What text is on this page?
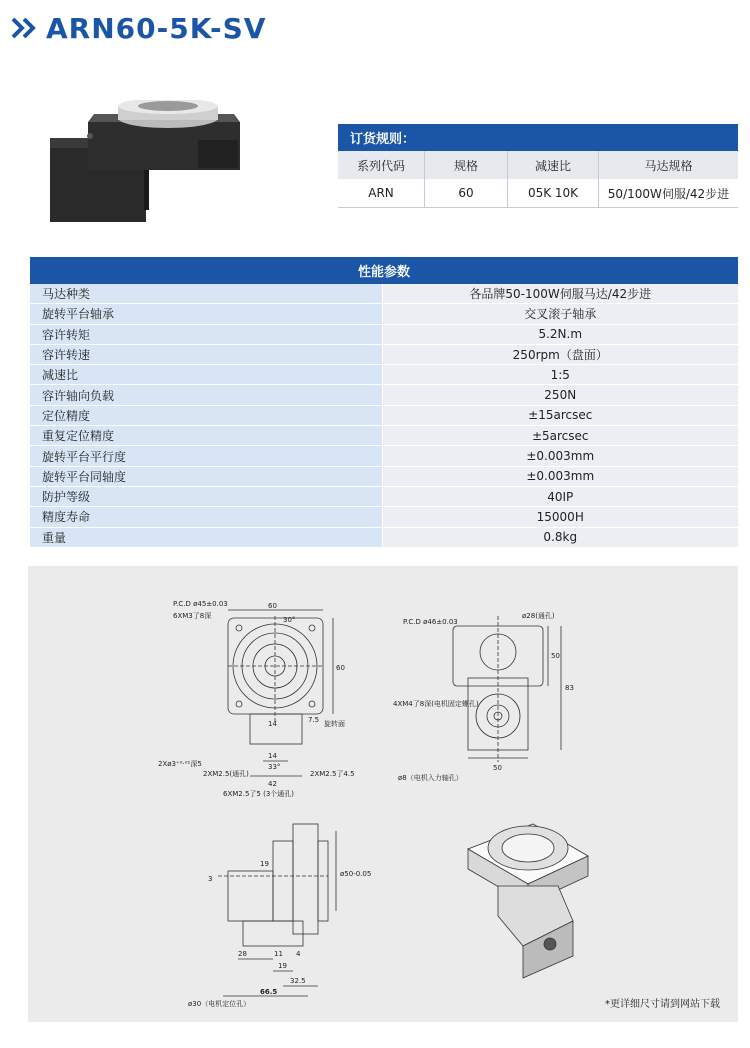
ARN60-5K-SV
订货规则：			
系列代码	规格	减速比	马达规格
ARN	60	05K 10K	50/100W伺服/42步进
性能参数	
马达种类	各品牌50-100W伺服马达/42步进
旋转平台轴承	交叉滚子轴承
容许转矩	5.2N.m
容许转速	250rpm（盘面）
减速比	1:5
容许轴向负载	250N
定位精度	±15arcsec
重复定位精度	±5arcsec
旋转平台平行度	±0.003mm
旋转平台同轴度	±0.003mm
防护等级	40IP
精度寿命	15000H
重量	0.8kg
60
30°
60
14	7.5
14
33°
42
P.C.D ø45±0.03
6XM3了8深
2Xø3⁺⁰·⁰¹深5
2XM2.5(通孔)	2XM2.5了4.5
旋转面
ø28(通孔)
P.C.D ø46±0.03
4XM4了8深(电机固定螺孔)
50
83
50
ø8（电机入力轴孔）
6XM2.5了5 (3个通孔)
3
19
ø50-0.05
28	11 4
19
32.5
66.5
ø30（电机定位孔）	*更详细尺寸请到网站下载
